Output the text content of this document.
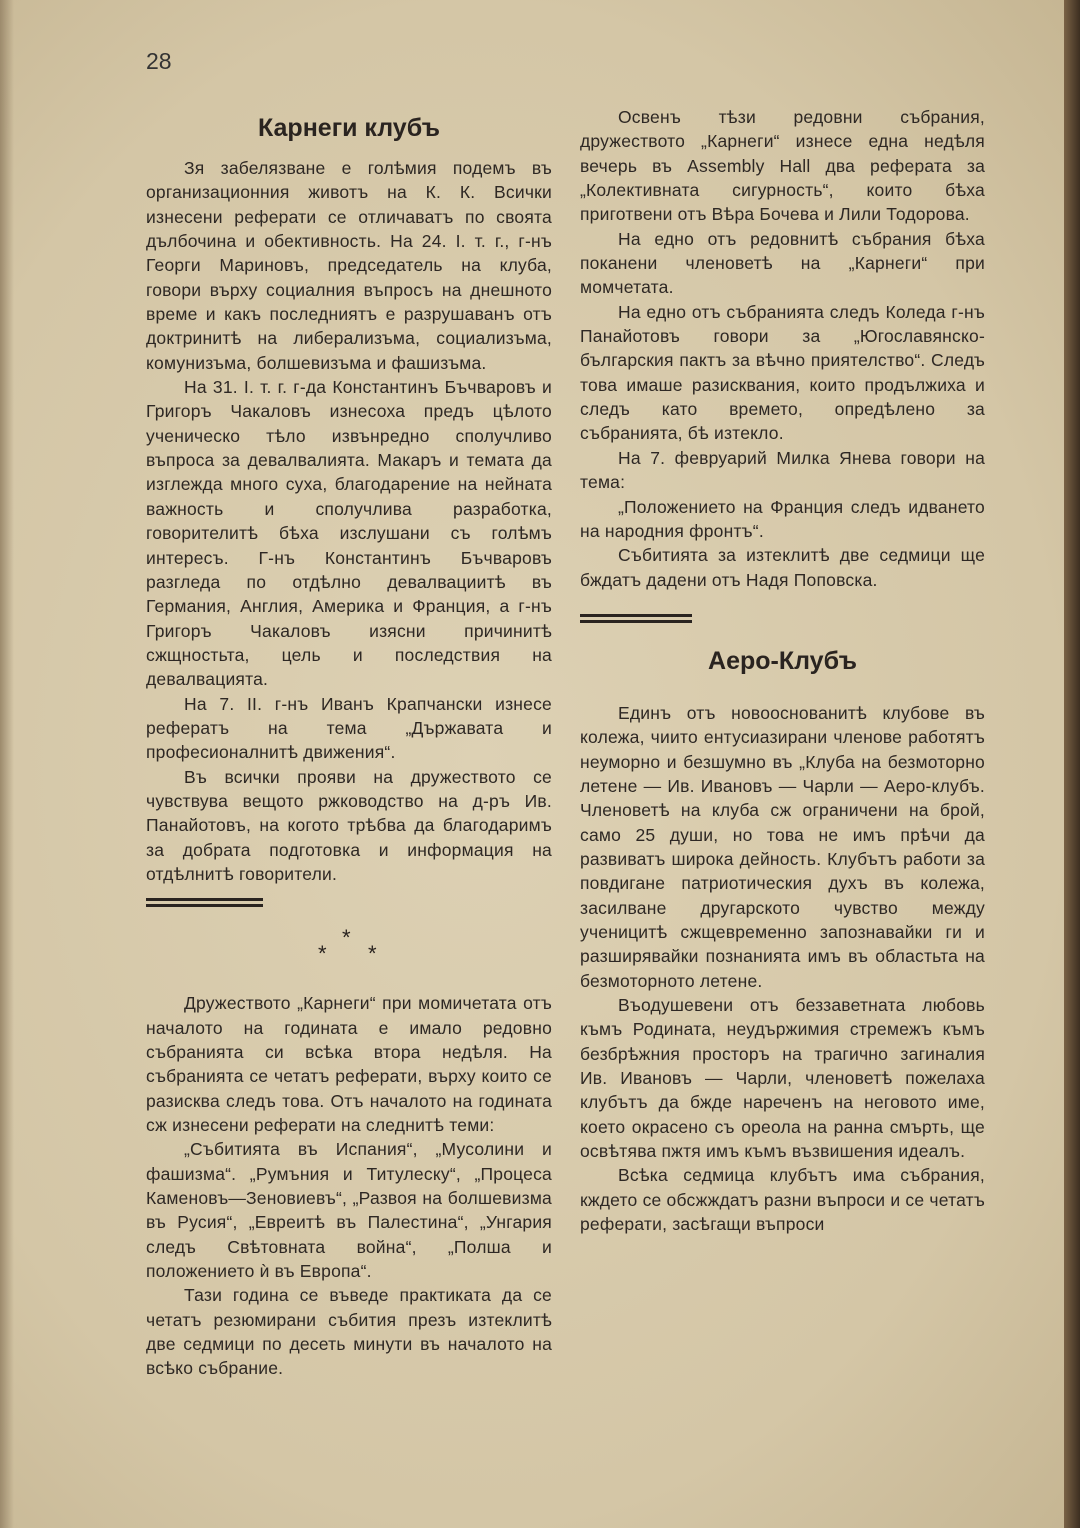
28
Карнеги клубъ

Зя забелязване е голѣмия подемъ въ организационния животъ на К. К. Всички изнесени реферати се отличаватъ по своята дълбочина и обективность. На 24. I. т. г., г-нъ Георги Мариновъ, председатель на клуба, говори върху социалния въпросъ на днешното време и какъ последниятъ е разрушаванъ отъ доктринитѣ на либерализъма, социализъма, комунизъма, болшевизъма и фашизъма.

На 31. I. т. г. г-да Константинъ Бъчваровъ и Григоръ Чакаловъ изнесоха предъ цѣлото ученическо тѣло извънредно сполучливо въпроса за девалвалията. Макаръ и темата да изглежда много суха, благодарение на нейната важность и сполучлива разработка, говорителитѣ бѣха изслушани съ голѣмъ интересъ. Г-нъ Константинъ Бъчваровъ разгледа по отдѣлно девалвациитѣ въ Германия, Англия, Америка и Франция, а г-нъ Григоръ Чакаловъ изясни причинитѣ сжщностьта, цель и последствия на девалвацията.

На 7. II. г-нъ Иванъ Крапчански изнесе рефератъ на тема „Държавата и професионалнитѣ движения“.

Въ всички прояви на дружеството се чувствува вещото ржководство на д-ръ Ив. Панайотовъ, на когото трѣбва да благодаримъ за добрата подготовка и информация на отдѣлнитѣ говорители.

*
* *

Дружеството „Карнеги“ при момичетата отъ началото на годината е имало редовно събранията си всѣка втора недѣля. На събранията се четатъ реферати, върху които се разисква следъ това. Отъ началото на годината сж изнесени реферати на следнитѣ теми:

„Събитията въ Испания“, „Мусолини и фашизма“. „Румъния и Титулеску“, „Процеса Каменовъ—Зеновиевъ“, „Развоя на болшевизма въ Русия“, „Евреитѣ въ Палестина“, „Унгария следъ Свѣтовната война“, „Полша и положението ѝ въ Европа“.

Тази година се въведе практиката да се четатъ резюмирани събития презъ изтеклитѣ две седмици по десеть минути въ началото на всѣко събрание.

Освенъ тѣзи редовни събрания, дружеството „Карнеги“ изнесе една недѣля вечерь въ Assembly Hall два реферата за „Колективната сигурность“, които бѣха приготвени отъ Вѣра Бочева и Лили Тодорова.

На едно отъ редовнитѣ събрания бѣха поканени членоветѣ на „Карнеги“ при момчетата.

На едно отъ събранията следъ Коледа г-нъ Панайотовъ говори за „Югославянско-българския пактъ за вѣчно приятелство“. Следъ това имаше разисквания, които продължиха и следъ като времето, опредѣлено за събранията, бѣ изтекло.

На 7. февруарий Милка Янева говори на тема:

„Положението на Франция следъ идването на народния фронтъ“.

Събитията за изтеклитѣ две седмици ще бждатъ дадени отъ Надя Поповска.

Аеро-Клубъ

Единъ отъ новооснованитѣ клубове въ колежа, чиито ентусиазирани членове работятъ неуморно и безшумно въ „Клуба на безмоторно летене — Ив. Ивановъ — Чарли — Аеро-клубъ. Членоветѣ на клуба сж ограничени на брой, само 25 души, но това не имъ прѣчи да развиватъ широка дейность. Клубътъ работи за повдигане патриотическия духъ въ колежа, засилване другарското чувство между ученицитѣ сжщевременно запознавайки ги и разширявайки познанията имъ въ областьта на безмоторното летене.

Въодушевени отъ беззаветната любовь къмъ Родината, неудържимия стремежъ къмъ безбрѣжния просторъ на трагично загиналия Ив. Ивановъ — Чарли, членоветѣ пожелаха клубътъ да бжде нареченъ на неговото име, което окрасено съ ореола на ранна смърть, ще освѣтява пжтя имъ къмъ възвишения идеалъ.

Всѣка седмица клубътъ има събрания, кждето се обсжждатъ разни въпроси и се четатъ реферати, засѣгащи въпроси
